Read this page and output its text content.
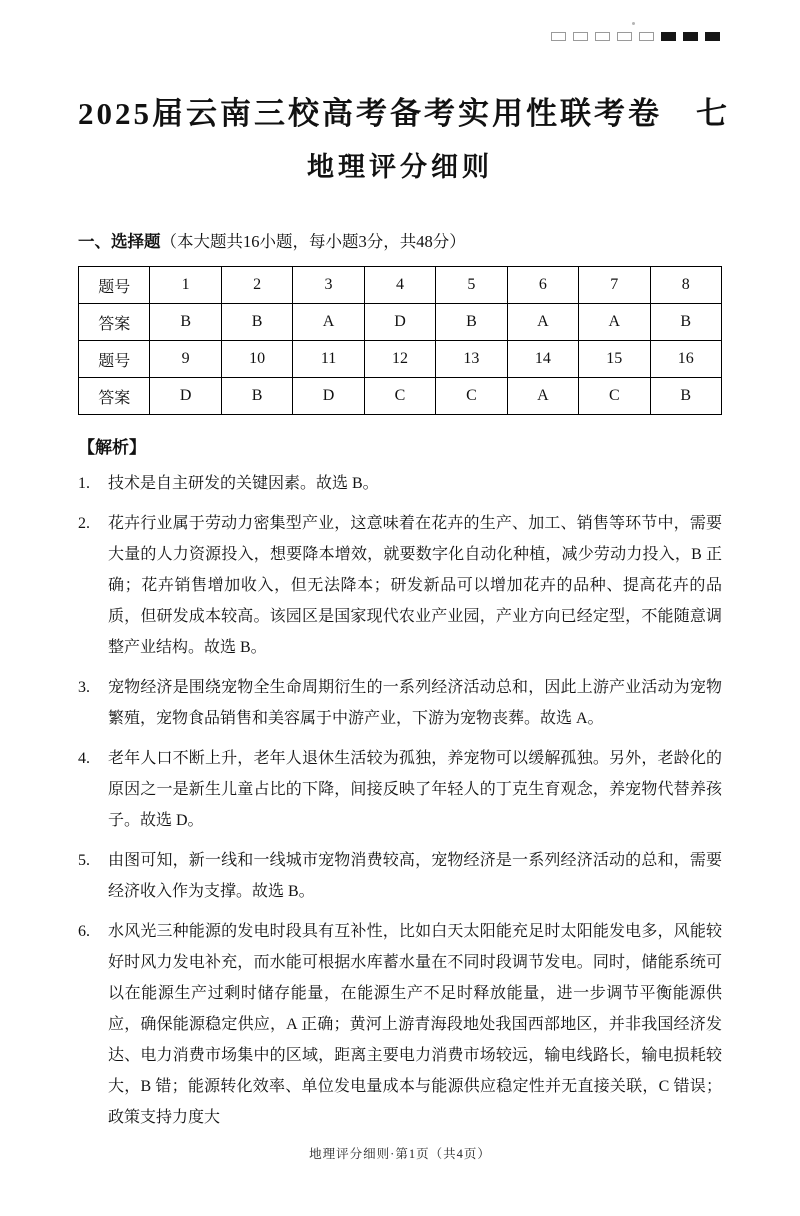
2025届云南三校高考备考实用性联考卷　七
地理评分细则
一、选择题（本大题共16小题，每小题3分，共48分）
题号	1	2	3	4	5	6	7	8
答案	B	B	A	D	B	A	A	B
题号	9	10	11	12	13	14	15	16
答案	D	B	D	C	C	A	C	B
【解析】
1.	技术是自主研发的关键因素。故选 B。
2.	花卉行业属于劳动力密集型产业，这意味着在花卉的生产、加工、销售等环节中，需要大量的人力资源投入，想要降本增效，就要数字化自动化种植，减少劳动力投入，B 正确；花卉销售增加收入，但无法降本；研发新品可以增加花卉的品种、提高花卉的品质，但研发成本较高。该园区是国家现代农业产业园，产业方向已经定型，不能随意调整产业结构。故选 B。
3.	宠物经济是围绕宠物全生命周期衍生的一系列经济活动总和，因此上游产业活动为宠物繁殖，宠物食品销售和美容属于中游产业，下游为宠物丧葬。故选 A。
4.	老年人口不断上升，老年人退休生活较为孤独，养宠物可以缓解孤独。另外，老龄化的原因之一是新生儿童占比的下降，间接反映了年轻人的丁克生育观念，养宠物代替养孩子。故选 D。
5.	由图可知，新一线和一线城市宠物消费较高，宠物经济是一系列经济活动的总和，需要经济收入作为支撑。故选 B。
6.	水风光三种能源的发电时段具有互补性，比如白天太阳能充足时太阳能发电多，风能较好时风力发电补充，而水能可根据水库蓄水量在不同时段调节发电。同时，储能系统可以在能源生产过剩时储存能量，在能源生产不足时释放能量，进一步调节平衡能源供应，确保能源稳定供应，A 正确；黄河上游青海段地处我国西部地区，并非我国经济发达、电力消费市场集中的区域，距离主要电力消费市场较远，输电线路长，输电损耗较大，B 错；能源转化效率、单位发电量成本与能源供应稳定性并无直接关联，C 错误；政策支持力度大
地理评分细则·第1页（共4页）
